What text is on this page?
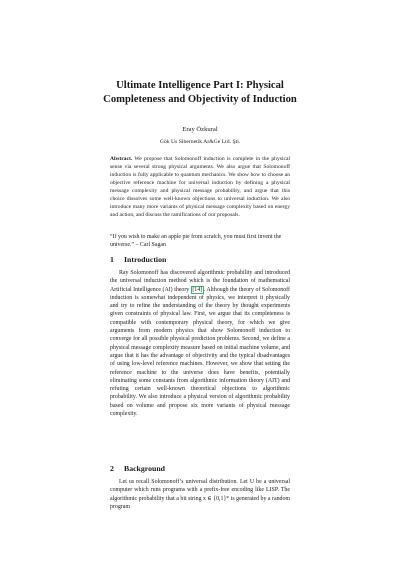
Ultimate Intelligence Part I: Physical
Completeness and Objectivity of Induction
Eray Özkural
Gök Us Sibernetik Ar&Ge Ltd. Şti.

Abstract. We propose that Solomonoff induction is complete in the physical sense via several strong physical arguments. We also argue that Solomonoff induction is fully applicable to quantum mechanics. We show how to choose an objective reference machine for universal induction by defining a physical message complexity and physical message probability, and argue that this choice dissolves some well-known objections to universal induction. We also introduce many more variants of physical message complexity based on energy and action, and discuss the ramifications of our proposals.

“If you wish to make an apple pie from scratch, you must first invent the universe.” – Carl Sagan

1 Introduction

Ray Solomonoff has discovered algorithmic probability and introduced the universal induction method which is the foundation of mathematical Artificial Intelligence (AI) theory [14] . Although the theory of Solomonoff induction is somewhat independent of physics, we interpret it physically and try to refine the understanding of the theory by thought experiments given constraints of physical law. First, we argue that its completeness is compatible with contemporary physical theory, for which we give arguments from modern physics that show Solomonoff induction to converge for all possible physical prediction problems. Second, we define a physical message complexity measure based on initial machine volume, and argue that it has the advantage of objectivity and the typical disadvantages of using low-level reference machines. However, we show that setting the reference machine to the universe does have benefits, potentially eliminating some constants from algorithmic information theory (AIT) and refuting certain well-known theoretical objections to algorithmic probability. We also introduce a physical version of algorithmic probability based on volume and propose six more variants of physical message complexity.

2 Background

Let us recall Solomonoff’s universal distribution. Let U be a universal computer which runs programs with a prefix-free encoding like LISP. The algorithmic probability that a bit string x ∈ {0,1}* is generated by a random program
